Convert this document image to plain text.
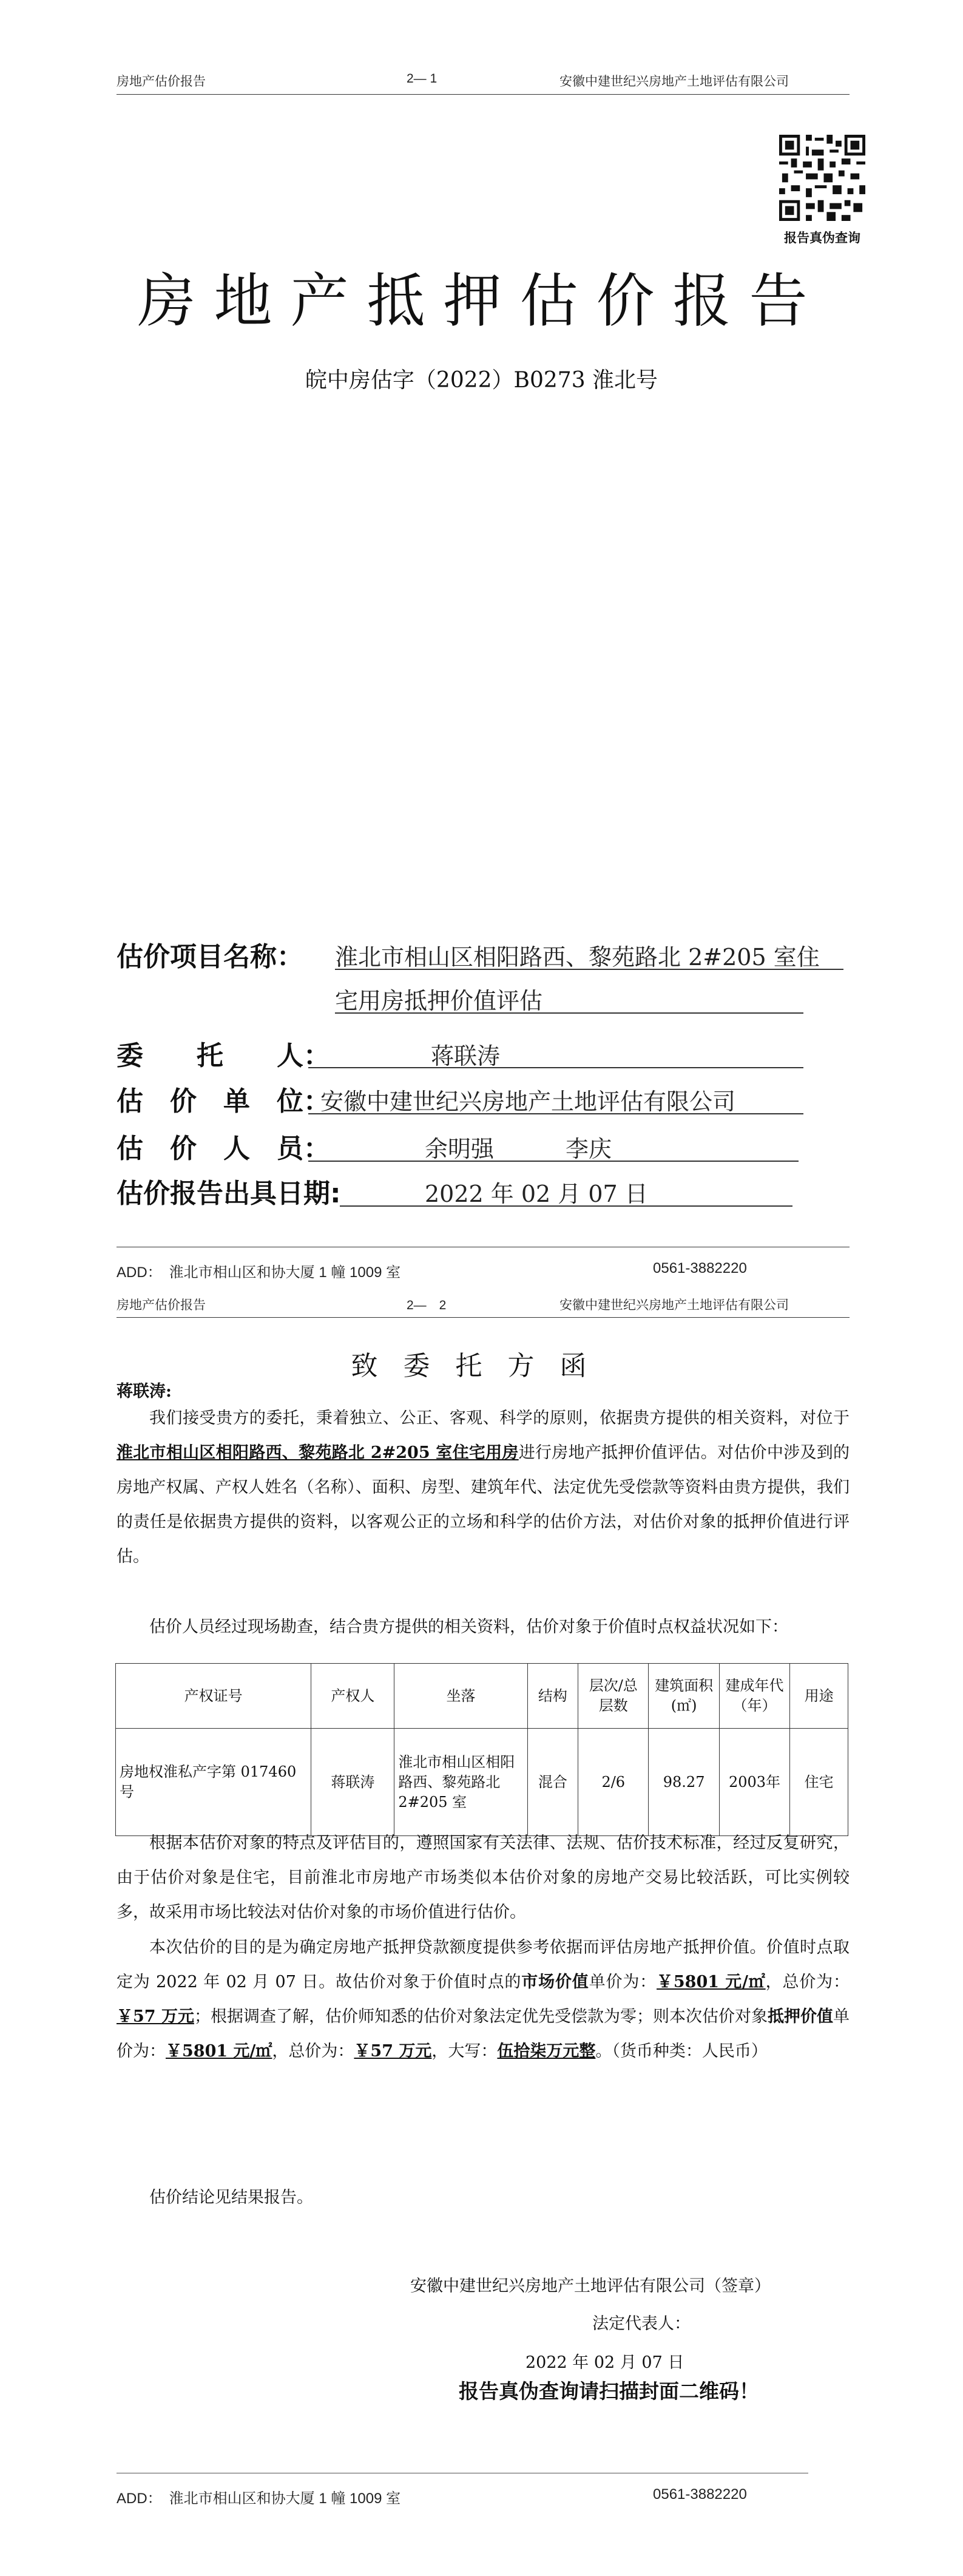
房地产估价报告	2— 1	安徽中建世纪兴房地产土地评估有限公司
报告真伪查询
房地产抵押估价报告
皖中房估字（2022）B0273 淮北号
估价项目名称： 淮北市相山区相阳路西、黎苑路北 2#205 室住
宅用房抵押价值评估
委　　托　　人：	蒋联涛
估　价　单　位：
安徽中建世纪兴房地产土地评估有限公司
估　价　人　员：	余明强	李庆
估价报告出具日期:	2022 年 02 月 07 日
ADD：　淮北市相山区和协大厦 1 幢 1009 室	0561-3882220
房地产估价报告	2—　2	安徽中建世纪兴房地产土地评估有限公司
致委托方函
蒋联涛:
我们接受贵方的委托，秉着独立、公正、客观、科学的原则，依据贵方提供的相关资料，对位于淮北市相山区相阳路西、黎苑路北 2#205 室住宅用房进行房地产抵押价值评估。对估价中涉及到的房地产权属、产权人姓名（名称）、面积、房型、建筑年代、法定优先受偿款等资料由贵方提供，我们的责任是依据贵方提供的资料，以客观公正的立场和科学的估价方法，对估价对象的抵押价值进行评估。
估价人员经过现场勘查，结合贵方提供的相关资料，估价对象于价值时点权益状况如下：
产权证号	产权人	坐落	结构	层次/总层数	建筑面积(㎡)	建成年代（年）	用途
房地权淮私产字第 017460 号	蒋联涛	淮北市相山区相阳路西、黎苑路北 2#205 室	混合	2/6	98.27	2003年	住宅
根据本估价对象的特点及评估目的，遵照国家有关法律、法规、估价技术标准，经过反复研究，由于估价对象是住宅，目前淮北市房地产市场类似本估价对象的房地产交易比较活跃，可比实例较多，故采用市场比较法对估价对象的市场价值进行估价。
本次估价的目的是为确定房地产抵押贷款额度提供参考依据而评估房地产抵押价值。价值时点取定为 2022 年 02 月 07 日。故估价对象于价值时点的市场价值单价为：￥5801 元/㎡，总价为：￥57 万元；根据调查了解，估价师知悉的估价对象法定优先受偿款为零；则本次估价对象抵押价值单价为：￥5801 元/㎡，总价为：￥57 万元，大写：伍拾柒万元整。（货币种类：人民币）
估价结论见结果报告。
安徽中建世纪兴房地产土地评估有限公司（签章）
法定代表人：
2022 年 02 月 07 日
报告真伪查询请扫描封面二维码！
ADD：　淮北市相山区和协大厦 1 幢 1009 室	0561-3882220
